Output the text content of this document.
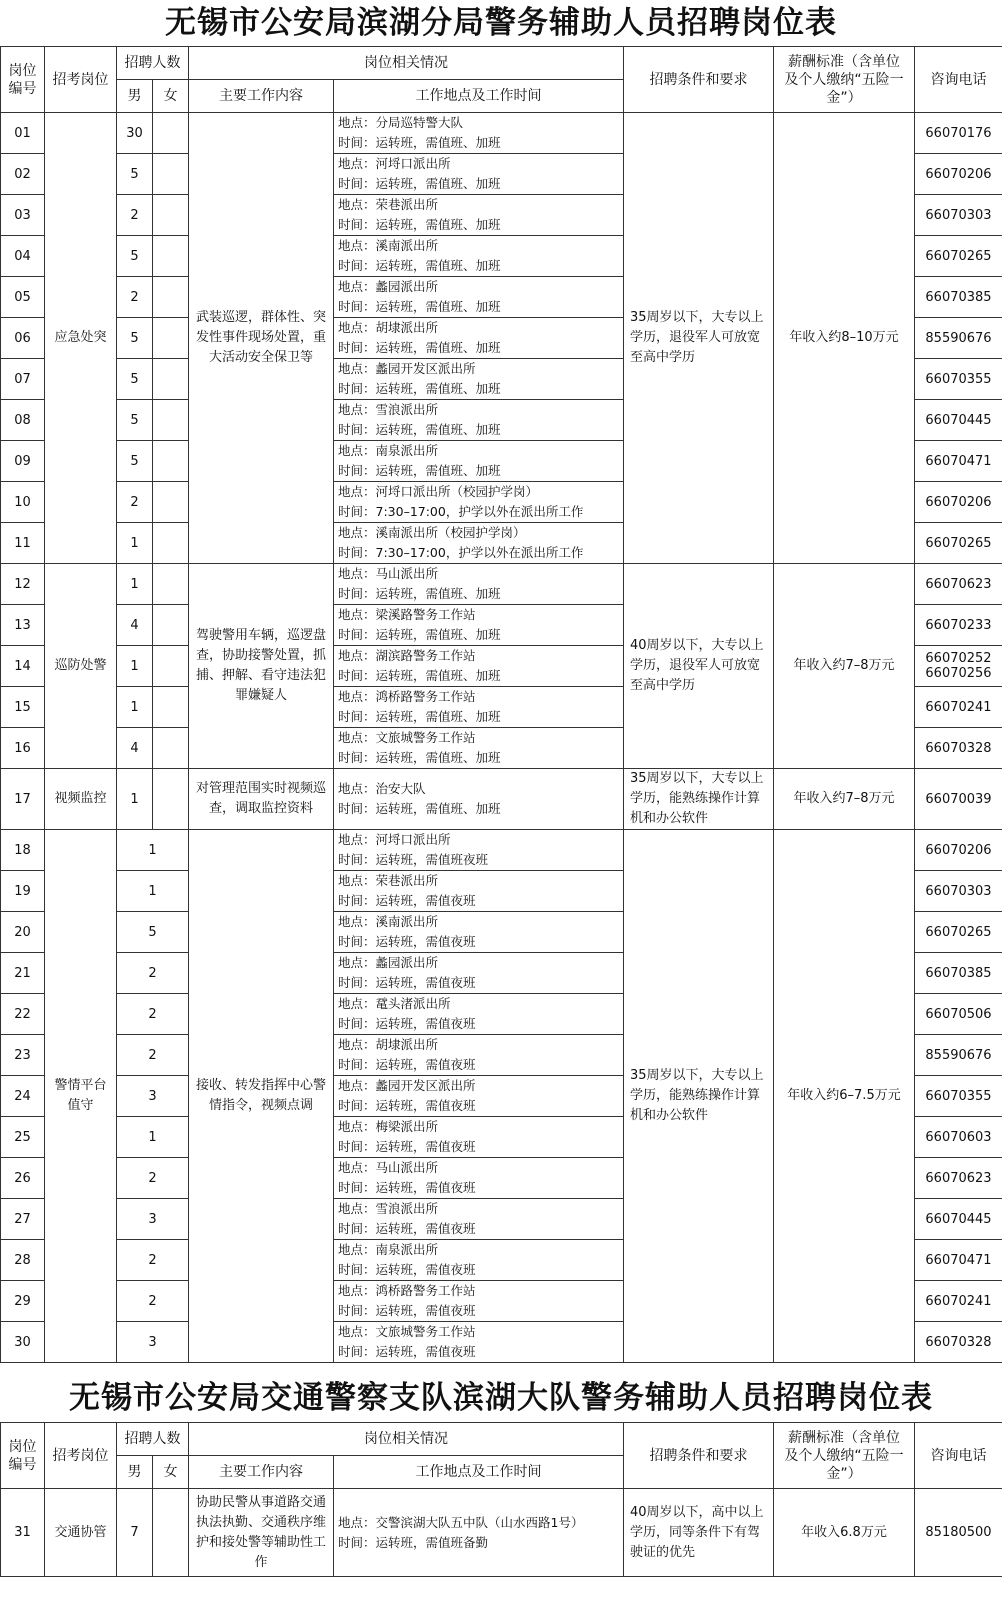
无锡市公安局滨湖分局警务辅助人员招聘岗位表
岗位编号	招考岗位	招聘人数		岗位相关情况		招聘条件和要求	薪酬标准（含单位及个人缴纳“五险一金”）	咨询电话
		男	女	主要工作内容	工作地点及工作时间			
01	应急处突	30		武装巡逻，群体性、突发性事件现场处置，重大活动安全保卫等	地点：分局巡特警大队
时间：运转班，需值班、加班	35周岁以下，大专以上学历，退役军人可放宽至高中学历	年收入约8–10万元	66070176

02		5			地点：河埒口派出所
时间：运转班，需值班、加班			66070206

03		2			地点：荣巷派出所
时间：运转班，需值班、加班			66070303

04		5			地点：溪南派出所
时间：运转班，需值班、加班			66070265

05		2			地点：蠡园派出所
时间：运转班，需值班、加班			66070385

06		5			地点：胡埭派出所
时间：运转班，需值班、加班			85590676

07		5			地点：蠡园开发区派出所
时间：运转班，需值班、加班			66070355

08		5			地点：雪浪派出所
时间：运转班，需值班、加班			66070445

09		5			地点：南泉派出所
时间：运转班，需值班、加班			66070471

10		2			地点：河埒口派出所（校园护学岗）
时间：7:30–17:00，护学以外在派出所工作			66070206

11		1			地点：溪南派出所（校园护学岗）
时间：7:30–17:00，护学以外在派出所工作			66070265

12	巡防处警	1		驾驶警用车辆，巡逻盘查，协助接警处置，抓捕、押解、看守违法犯罪嫌疑人	地点：马山派出所
时间：运转班，需值班、加班	40周岁以下，大专以上学历，退役军人可放宽至高中学历	年收入约7–8万元	66070623

13		4			地点：梁溪路警务工作站
时间：运转班，需值班、加班			66070233

14		1			地点：湖滨路警务工作站
时间：运转班，需值班、加班			66070252
66070256

15		1			地点：鸿桥路警务工作站
时间：运转班，需值班、加班			66070241

16		4			地点：文旅城警务工作站
时间：运转班，需值班、加班			66070328

17	视频监控	1		对管理范围实时视频巡查，调取监控资料	地点：治安大队
时间：运转班，需值班、加班	35周岁以下，大专以上学历，能熟练操作计算机和办公软件	年收入约7–8万元	66070039

18	警情平台值守	1		接收、转发指挥中心警情指令，视频点调	地点：河埒口派出所
时间：运转班，需值班夜班	35周岁以下，大专以上学历，能熟练操作计算机和办公软件	年收入约6–7.5万元	66070206

19		1			地点：荣巷派出所
时间：运转班，需值夜班			66070303

20		5			地点：溪南派出所
时间：运转班，需值夜班			66070265

21		2			地点：蠡园派出所
时间：运转班，需值夜班			66070385

22		2			地点：鼋头渚派出所
时间：运转班，需值夜班			66070506

23		2			地点：胡埭派出所
时间：运转班，需值夜班			85590676

24		3			地点：蠡园开发区派出所
时间：运转班，需值夜班			66070355

25		1			地点：梅梁派出所
时间：运转班，需值夜班			66070603

26		2			地点：马山派出所
时间：运转班，需值夜班			66070623

27		3			地点：雪浪派出所
时间：运转班，需值夜班			66070445

28		2			地点：南泉派出所
时间：运转班，需值夜班			66070471

29		2			地点：鸿桥路警务工作站
时间：运转班，需值夜班			66070241

30		3			地点：文旅城警务工作站
时间：运转班，需值夜班			66070328
无锡市公安局交通警察支队滨湖大队警务辅助人员招聘岗位表
岗位编号	招考岗位	招聘人数		岗位相关情况		招聘条件和要求	薪酬标准（含单位及个人缴纳“五险一金”）	咨询电话
		男	女	主要工作内容	工作地点及工作时间			
31	交通协管	7		协助民警从事道路交通执法执勤、交通秩序维护和接处警等辅助性工作	地点：交警滨湖大队五中队（山水西路1号）
时间：运转班，需值班备勤	40周岁以下，高中以上学历，同等条件下有驾驶证的优先	年收入6.8万元	85180500
